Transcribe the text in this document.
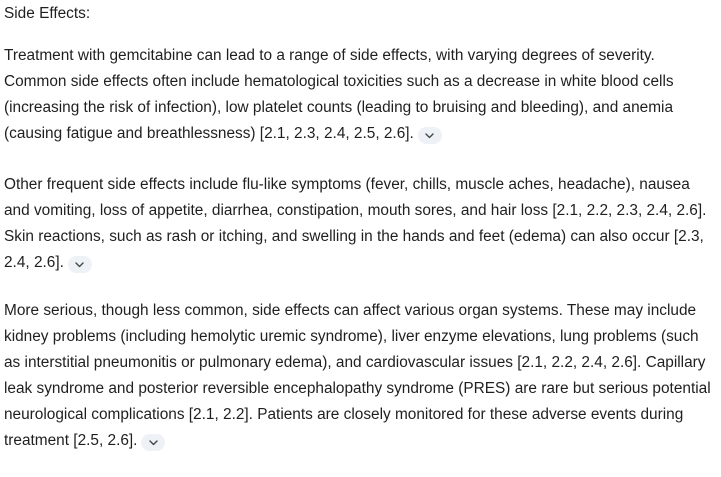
Side Effects:

Treatment with gemcitabine can lead to a range of side effects, with varying degrees of severity. Common side effects often include hematological toxicities such as a decrease in white blood cells (increasing the risk of infection), low platelet counts (leading to bruising and bleeding), and anemia (causing fatigue and breathlessness) [2.1, 2.3, 2.4, 2.5, 2.6].

Other frequent side effects include flu-like symptoms (fever, chills, muscle aches, headache), nausea and vomiting, loss of appetite, diarrhea, constipation, mouth sores, and hair loss [2.1, 2.2, 2.3, 2.4, 2.6]. Skin reactions, such as rash or itching, and swelling in the hands and feet (edema) can also occur [2.3, 2.4, 2.6].

More serious, though less common, side effects can affect various organ systems. These may include kidney problems (including hemolytic uremic syndrome), liver enzyme elevations, lung problems (such as interstitial pneumonitis or pulmonary edema), and cardiovascular issues [2.1, 2.2, 2.4, 2.6]. Capillary leak syndrome and posterior reversible encephalopathy syndrome (PRES) are rare but serious potential neurological complications [2.1, 2.2]. Patients are closely monitored for these adverse events during treatment [2.5, 2.6].
